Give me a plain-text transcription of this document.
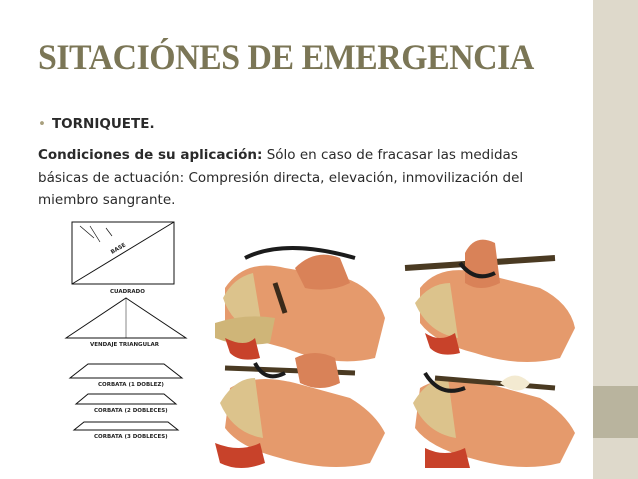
SITACIÓNES DE EMERGENCIA
• TORNIQUETE.
Condiciones de su aplicación: Sólo en caso de fracasar las medidas básicas de actuación: Compresión directa, elevación, inmovilización del miembro sangrante.
BASE
CUADRADO
VENDAJE TRIANGULAR
CORBATA (1 DOBLEZ)
CORBATA (2 DOBLECES)
CORBATA (3 DOBLECES)
